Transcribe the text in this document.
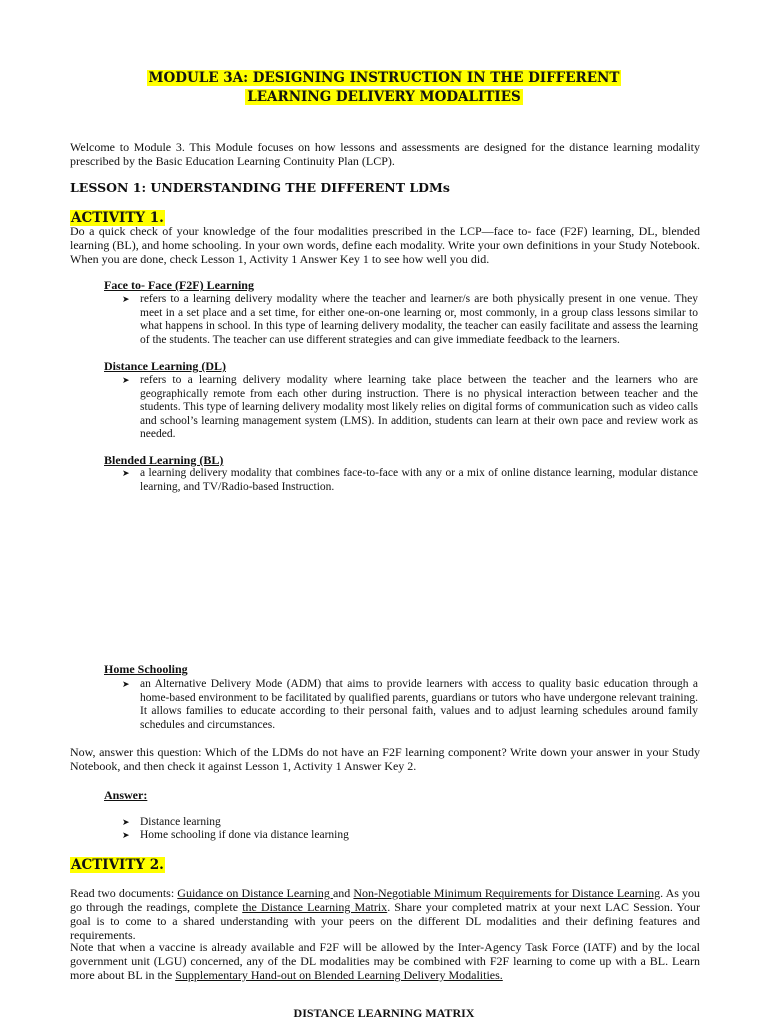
MODULE 3A: DESIGNING INSTRUCTION IN THE DIFFERENT
LEARNING DELIVERY MODALITIES
Welcome to Module 3. This Module focuses on how lessons and assessments are designed for the distance learning modality prescribed by the Basic Education Learning Continuity Plan (LCP).
LESSON 1: UNDERSTANDING THE DIFFERENT LDMs
ACTIVITY 1.
Do a quick check of your knowledge of the four modalities prescribed in the LCP—face to- face (F2F) learning, DL, blended learning (BL), and home schooling. In your own words, define each modality. Write your own definitions in your Study Notebook. When you are done, check Lesson 1, Activity 1 Answer Key 1 to see how well you did.
Face to- Face (F2F) Learning
➤ refers to a learning delivery modality where the teacher and learner/s are both physically present in one venue. They meet in a set place and a set time, for either one-on-one learning or, most commonly, in a group class lessons similar to what happens in school. In this type of learning delivery modality, the teacher can easily facilitate and assess the learning of the students. The teacher can use different strategies and can give immediate feedback to the learners.
Distance Learning (DL)
➤ refers to a learning delivery modality where learning take place between the teacher and the learners who are geographically remote from each other during instruction. There is no physical interaction between teacher and the students. This type of learning delivery modality most likely relies on digital forms of communication such as video calls and school’s learning management system (LMS). In addition, students can learn at their own pace and review work as needed.
Blended Learning (BL)
➤ a learning delivery modality that combines face-to-face with any or a mix of online distance learning, modular distance learning, and TV/Radio-based Instruction.
Home Schooling
➤ an Alternative Delivery Mode (ADM) that aims to provide learners with access to quality basic education through a home-based environment to be facilitated by qualified parents, guardians or tutors who have undergone relevant training. It allows families to educate according to their personal faith, values and to adjust learning schedules around family schedules and circumstances.
Now, answer this question: Which of the LDMs do not have an F2F learning component? Write down your answer in your Study Notebook, and then check it against Lesson 1, Activity 1 Answer Key 2.
Answer:
➤ Distance learning
➤ Home schooling if done via distance learning
ACTIVITY 2.
Read two documents: Guidance on Distance Learning and Non-Negotiable Minimum Requirements for Distance Learning. As you go through the readings, complete the Distance Learning Matrix. Share your completed matrix at your next LAC Session. Your goal is to come to a shared understanding with your peers on the different DL modalities and their defining features and requirements.
Note that when a vaccine is already available and F2F will be allowed by the Inter-Agency Task Force (IATF) and by the local government unit (LGU) concerned, any of the DL modalities may be combined with F2F learning to come up with a BL. Learn more about BL in the Supplementary Hand-out on Blended Learning Delivery Modalities.
DISTANCE LEARNING MATRIX
